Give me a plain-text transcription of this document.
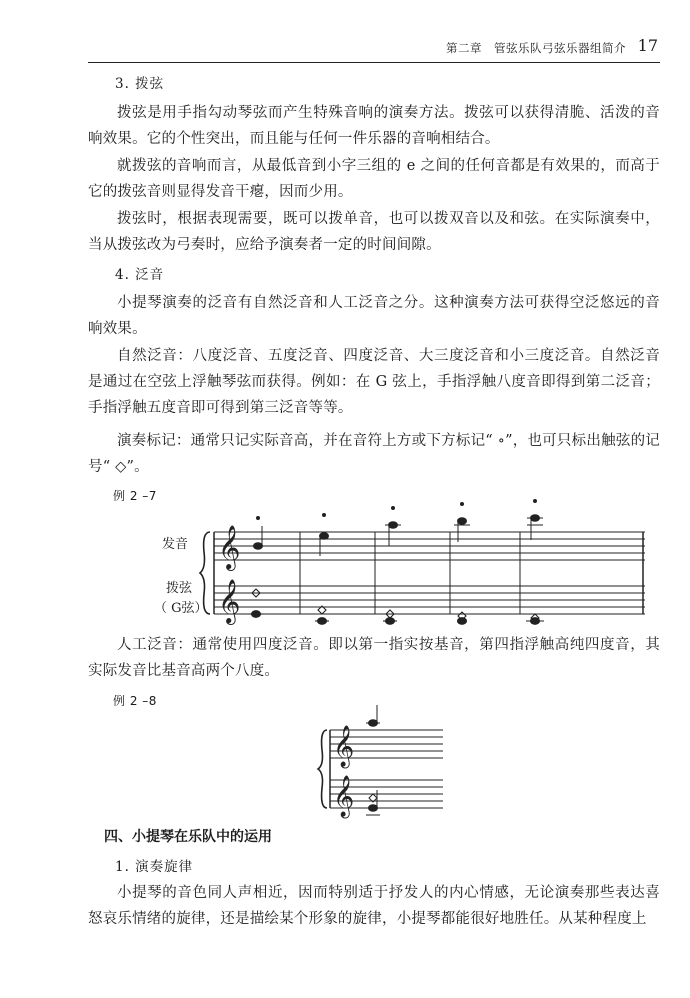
第二章　管弦乐队弓弦乐器组简介 17
3. 拨弦

拨弦是用手指勾动琴弦而产生特殊音响的演奏方法。拨弦可以获得清脆、活泼的音响效果。它的个性突出，而且能与任何一件乐器的音响相结合。

就拨弦的音响而言，从最低音到小字三组的 e 之间的任何音都是有效果的，而高于它的拨弦音则显得发音干瘪，因而少用。

拨弦时，根据表现需要，既可以拨单音，也可以拨双音以及和弦。在实际演奏中，当从拨弦改为弓奏时，应给予演奏者一定的时间间隙。

4. 泛音

小提琴演奏的泛音有自然泛音和人工泛音之分。这种演奏方法可获得空泛悠远的音响效果。

自然泛音：八度泛音、五度泛音、四度泛音、大三度泛音和小三度泛音。自然泛音是通过在空弦上浮触琴弦而获得。例如：在 G 弦上，手指浮触八度音即得到第二泛音；手指浮触五度音即可得到第三泛音等等。

演奏标记：通常只记实际音高，并在音符上方或下方标记“ ∘”，也可只标出触弦的记号“ ◇”。

例 2 –7
发音
拨弦
（ G弦）
𝄞
𝄞

人工泛音：通常使用四度泛音。即以第一指实按基音，第四指浮触高纯四度音，其实际发音比基音高两个八度。

例 2 –8
𝄞
𝄞
四、小提琴在乐队中的运用
1. 演奏旋律

小提琴的音色同人声相近，因而特别适于抒发人的内心情感，无论演奏那些表达喜怒哀乐情绪的旋律，还是描绘某个形象的旋律，小提琴都能很好地胜任。从某种程度上
